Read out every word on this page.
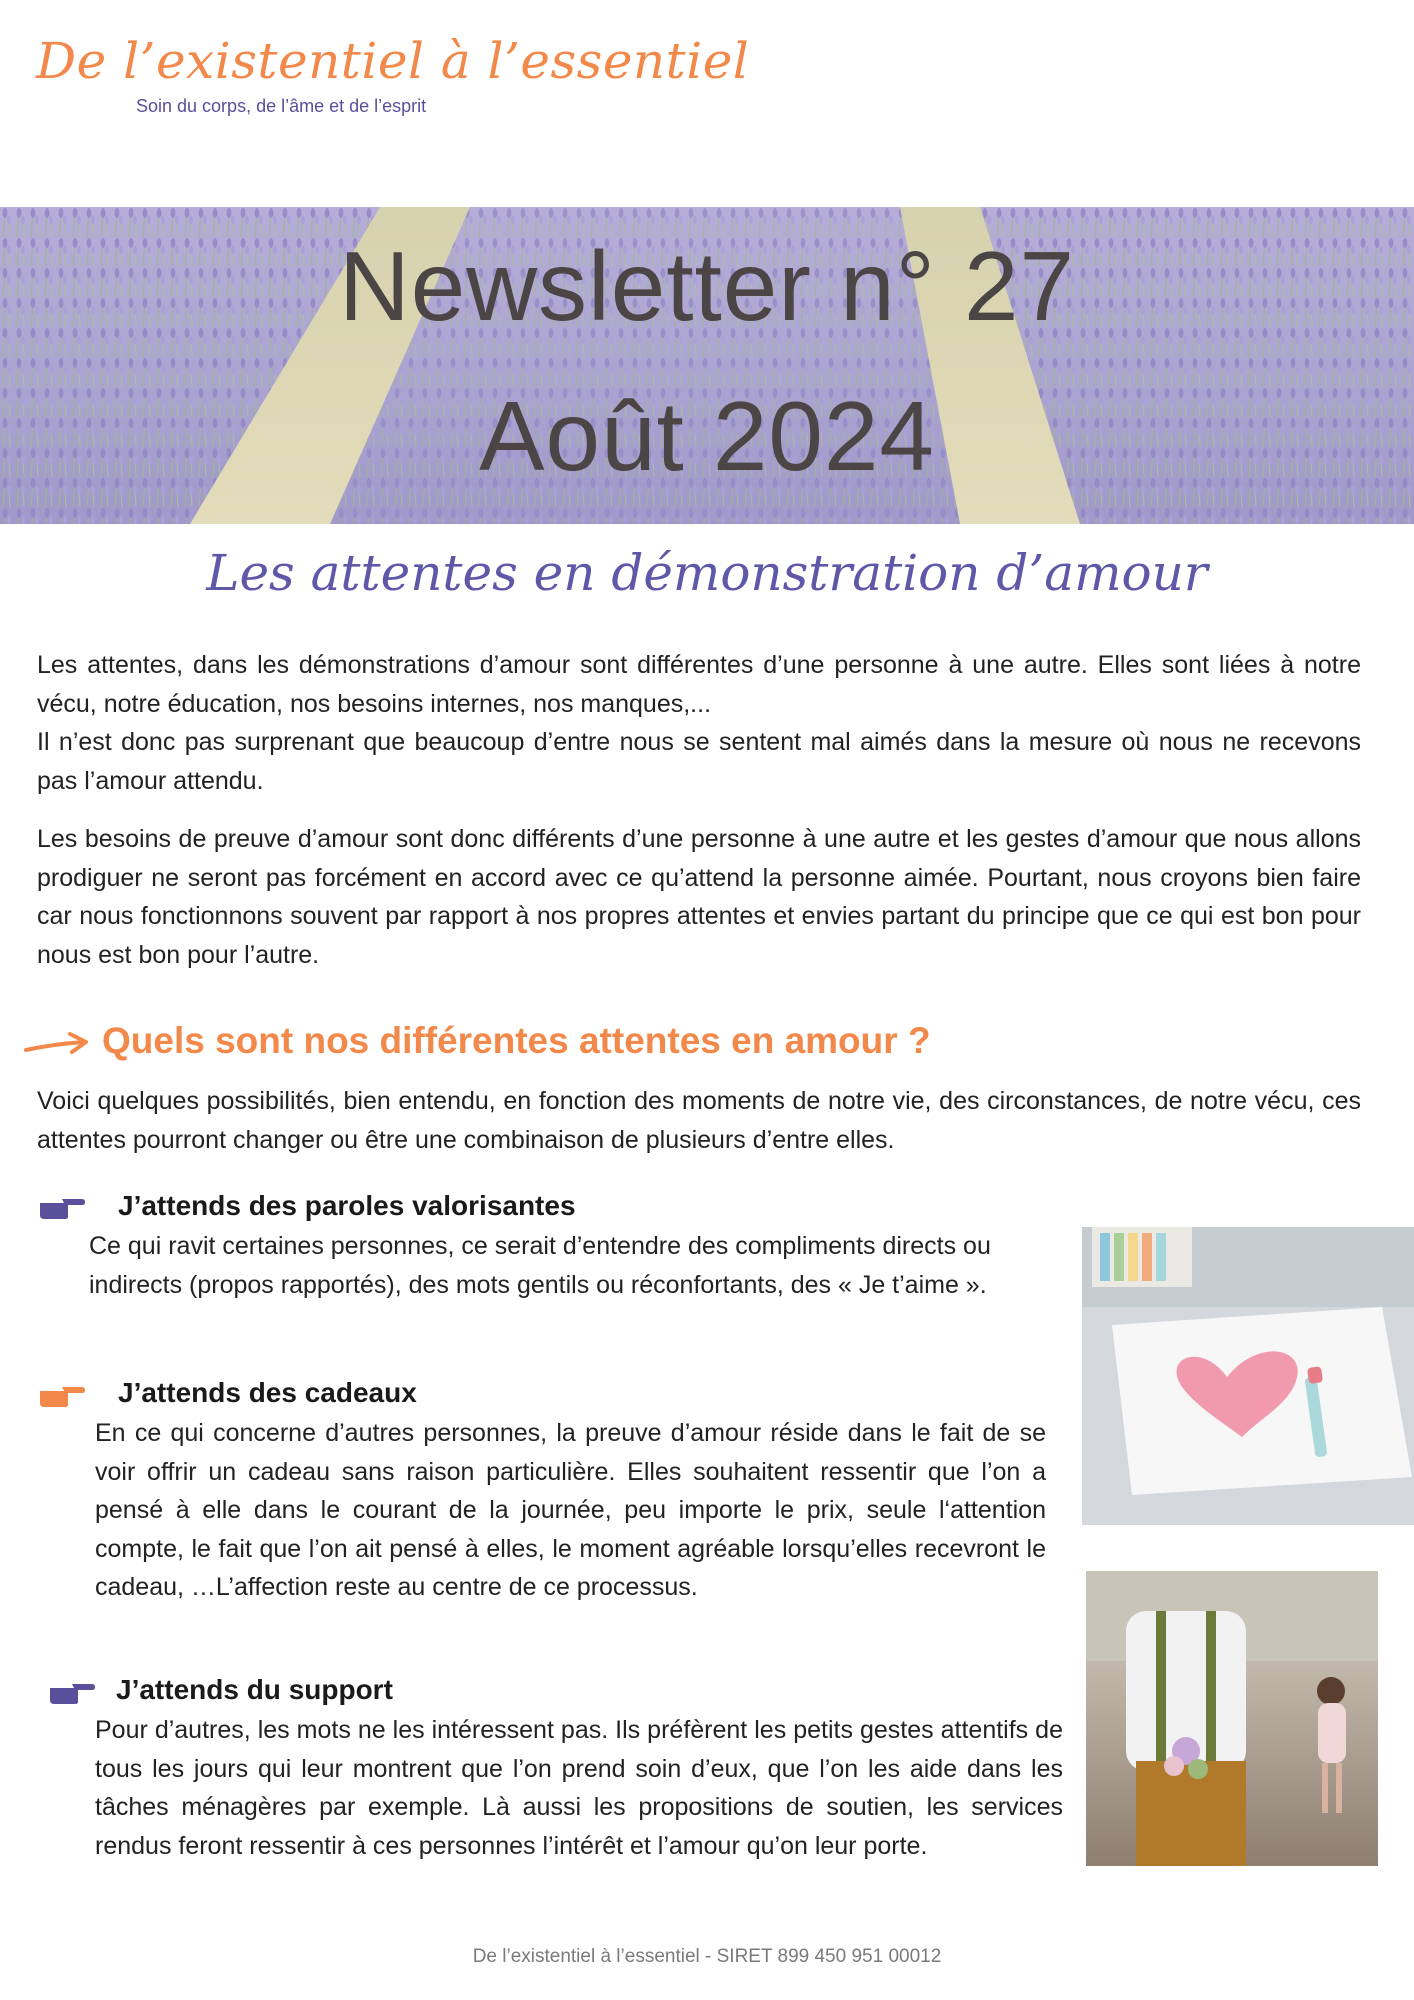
De l’existentiel à l’essentiel
Soin du corps, de l’âme et de l’esprit
Newsletter n° 27
Août 2024
Les attentes en démonstration d’amour
Les attentes, dans les démonstrations d’amour sont différentes d’une personne à une autre. Elles sont liées à notre vécu, notre éducation, nos besoins internes, nos manques,...
Il n’est donc pas surprenant que beaucoup d’entre nous se sentent mal aimés dans la mesure où nous ne recevons pas l’amour attendu.

Les besoins de preuve d’amour sont donc différents d’une personne à une autre et les gestes d’amour que nous allons prodiguer ne seront pas forcément en accord avec ce qu’attend la personne aimée. Pourtant, nous croyons bien faire car nous fonctionnons souvent par rapport à nos propres attentes et envies partant du principe que ce qui est bon pour nous est bon pour l’autre.

Quels sont nos différentes attentes en amour ?

Voici quelques possibilités, bien entendu, en fonction des moments de notre vie, des circonstances, de notre vécu, ces attentes pourront changer ou être une combinaison de plusieurs d’entre elles.

J’attends des paroles valorisantes

Ce qui ravit certaines personnes, ce serait d’entendre des compliments directs ou indirects (propos rapportés), des mots gentils ou réconfortants, des « Je t’aime ».

J’attends des cadeaux

En ce qui concerne d’autres personnes, la preuve d’amour réside dans le fait de se voir offrir un cadeau sans raison particulière. Elles souhaitent ressentir que l’on a pensé à elle dans le courant de la journée, peu importe le prix, seule l‘attention compte, le fait que l’on ait pensé à elles, le moment agréable lorsqu’elles recevront le cadeau, …L’affection reste au centre de ce processus.

J’attends du support

Pour d’autres, les mots ne les intéressent pas. Ils préfèrent les petits gestes attentifs de tous les jours qui leur montrent que l’on prend soin d’eux, que l’on les aide dans les tâches ménagères par exemple. Là aussi les propositions de soutien, les services rendus feront ressentir à ces personnes l’intérêt et l’amour qu’on leur porte.

De l’existentiel à l’essentiel - SIRET 899 450 951 00012
